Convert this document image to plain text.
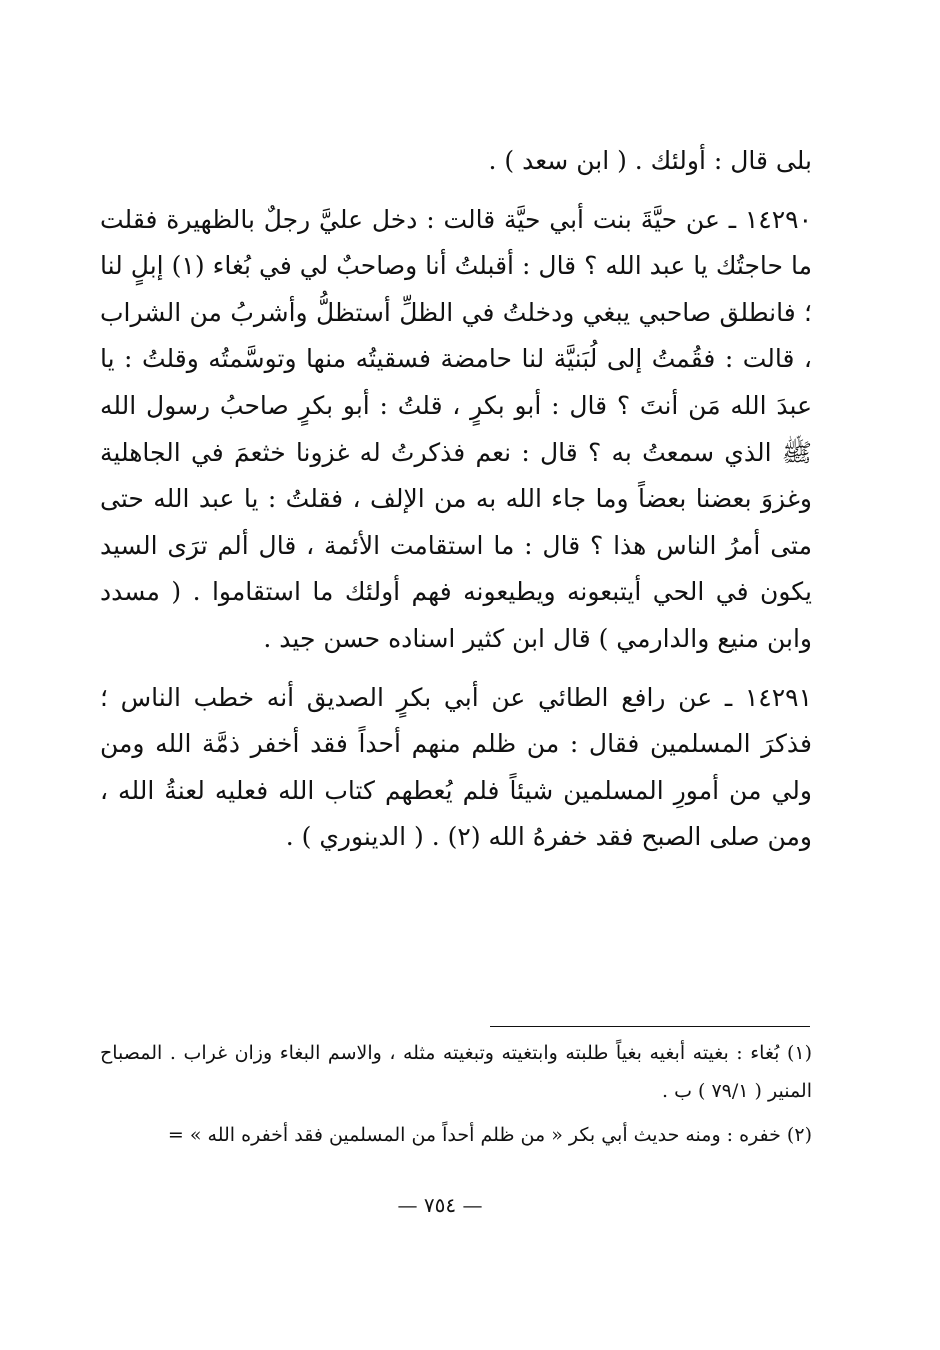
بلى قال : أولئك . ( ابن سعد ) .

١٤٢٩٠ ـ عن حيَّةَ بنت أبي حيَّة قالت : دخل عليَّ رجلٌ بالظهيرة فقلت ما حاجتُك يا عبد الله ؟ قال : أقبلتُ أنا وصاحبٌ لي في بُغاء (١) إبلٍ لنا ؛ فانطلق صاحبي يبغي ودخلتُ في الظلِّ أستظلُّ وأشربُ من الشراب ، قالت : فقُمتُ إلى لُبَنيَّة لنا حامضة فسقيتُه منها وتوسَّمتُه وقلتُ : يا عبدَ الله مَن أنتَ ؟ قال : أبو بكرٍ ، قلتُ : أبو بكرٍ صاحبُ رسول الله ﷺ الذي سمعتُ به ؟ قال : نعم فذكرتُ له غزونا خثعمَ في الجاهلية وغزوَ بعضنا بعضاً وما جاء الله به من الإلف ، فقلتُ : يا عبد الله حتى متى أمرُ الناس هذا ؟ قال : ما استقامت الأئمة ، قال ألم ترَى السيد يكون في الحي أيتبعونه ويطيعونه فهم أولئك ما استقاموا . ( مسدد وابن منيع والدارمي ) قال ابن كثير اسناده حسن جيد .

١٤٢٩١ ـ عن رافع الطائي عن أبي بكرٍ الصديق أنه خطب الناس ؛ فذكرَ المسلمين فقال : من ظلم منهم أحداً فقد أخفر ذمَّة الله ومن ولي من أمورِ المسلمين شيئاً فلم يُعطهم كتاب الله فعليه لعنةُ الله ، ومن صلى الصبح فقد خفرهُ الله (٢) . ( الدينوري ) .

(١) بُغاء : بغيته أبغيه بغياً طلبته وابتغيته وتبغيته مثله ، والاسم البغاء وزان غراب . المصباح المنير ( ٧٩/١ ) ب .

(٢) خفره : ومنه حديث أبي بكر « من ظلم أحداً من المسلمين فقد أخفره الله » =

— ٧٥٤ —
